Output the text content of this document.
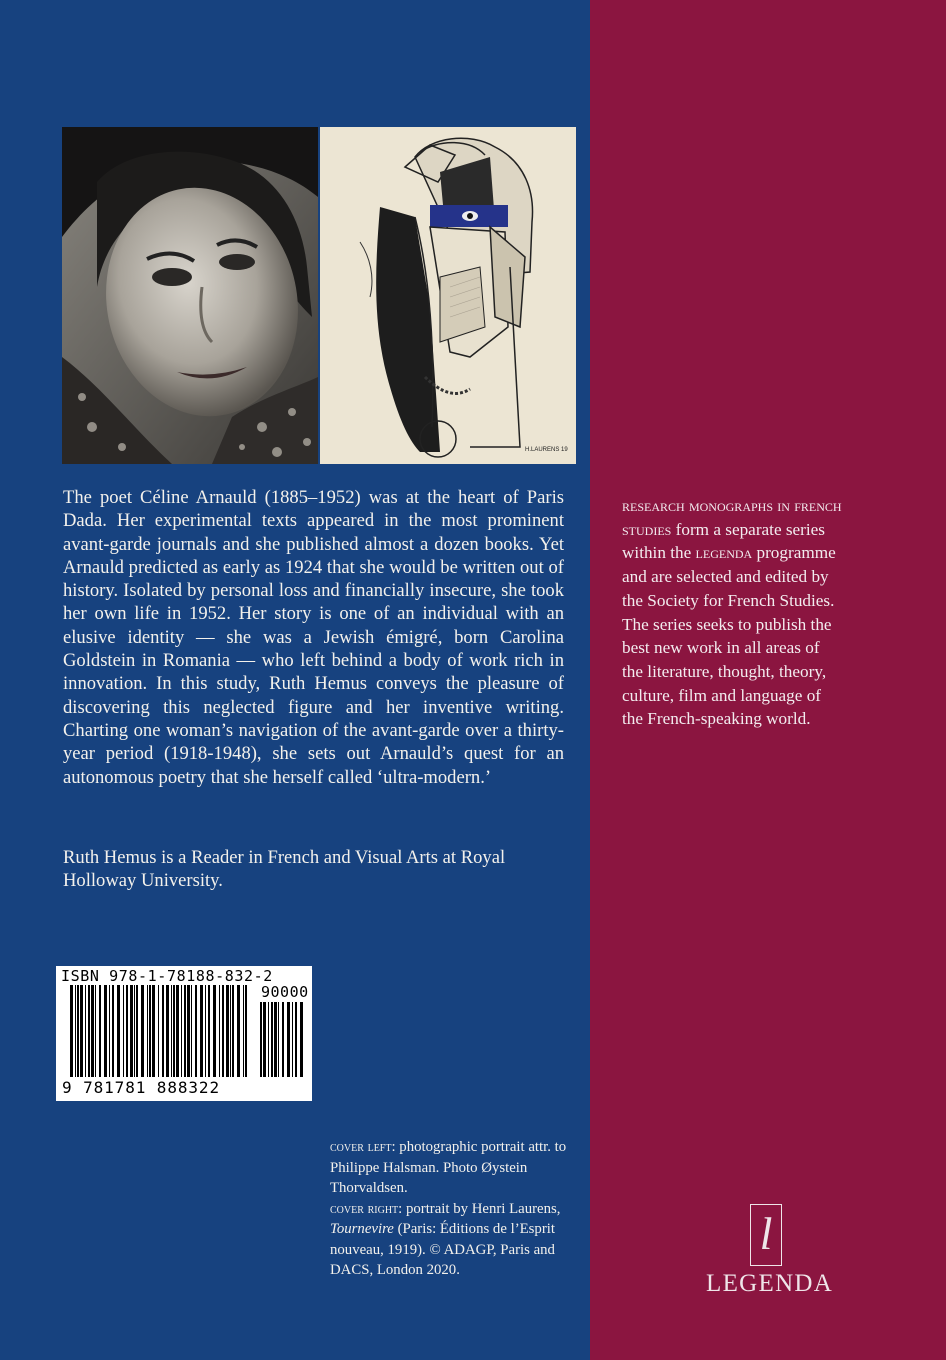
H.LAURENS 19

The poet Céline Arnauld (1885–1952) was at the heart of Paris Dada. Her experimental texts appeared in the most prominent avant-garde journals and she published almost a dozen books. Yet Arnauld predicted as early as 1924 that she would be written out of history. Isolated by personal loss and financially insecure, she took her own life in 1952. Her story is one of an individual with an elusive identity — she was a Jewish émigré, born Carolina Goldstein in Romania — who left behind a body of work rich in innovation. In this study, Ruth Hemus conveys the pleasure of discovering this neglected figure and her inventive writing. Charting one woman’s navigation of the avant-garde over a thirty-year period (1918-1948), she sets out Arnauld’s quest for an autonomous poetry that she herself called ‘ultra-modern.’

Ruth Hemus is a Reader in French and Visual Arts at Royal Holloway University.

research monographs in french studies form a separate series within the legenda programme and are selected and edited by the Society for French Studies. The series seeks to publish the best new work in all areas of the literature, thought, theory, culture, film and language of the French-speaking world.

ISBN 978-1-78188-832-2
90000
9 781781 888322

cover left: photographic portrait attr. to Philippe Halsman. Photo Øystein Thorvaldsen.
cover right: portrait by Henri Laurens, Tournevire (Paris: Éditions de l’Esprit nouveau, 1919). © ADAGP, Paris and DACS, London 2020.

l
LEGENDA
